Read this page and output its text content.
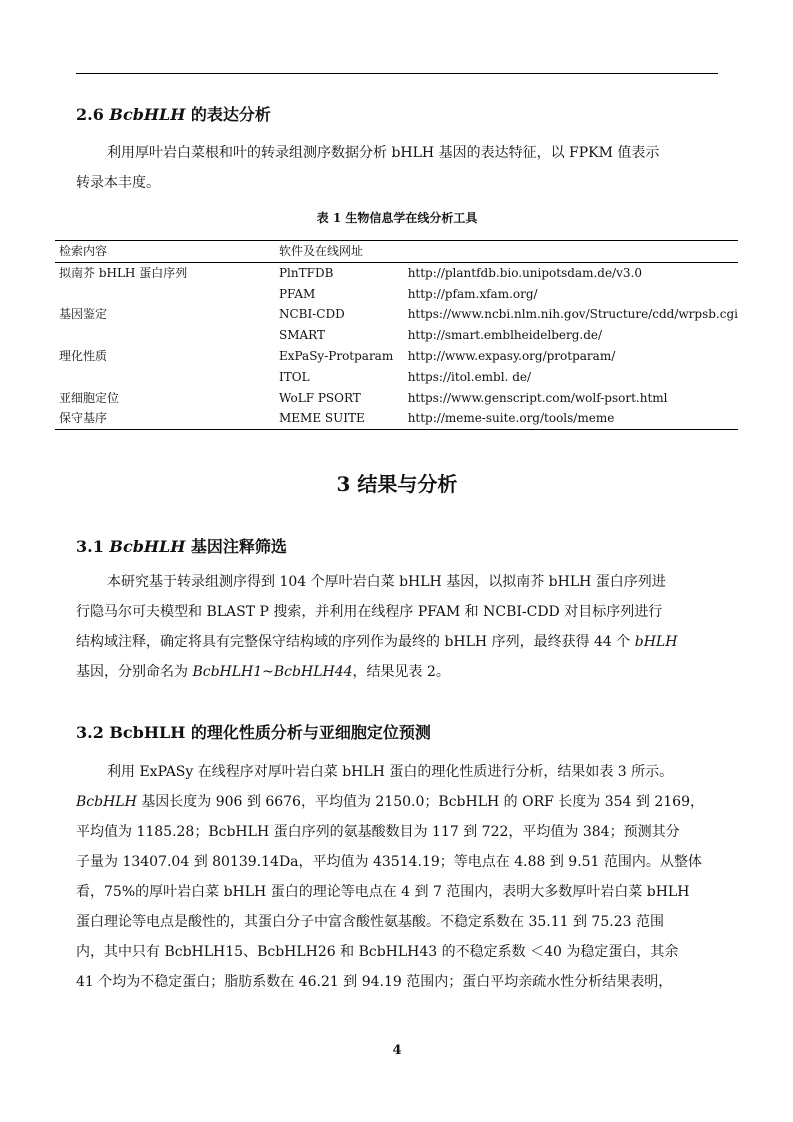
2.6 BcbHLH 的表达分析
利用厚叶岩白菜根和叶的转录组测序数据分析 bHLH 基因的表达特征，以 FPKM 值表示
转录本丰度。
表 1 生物信息学在线分析工具
检索内容	软件及在线网址	
拟南芥 bHLH 蛋白序列	PlnTFDB	http://plantfdb.bio.unipotsdam.de/v3.0
	PFAM	http://pfam.xfam.org/
基因鉴定	NCBI-CDD	https://www.ncbi.nlm.nih.gov/Structure/cdd/wrpsb.cgi
	SMART	http://smart.emblheidelberg.de/
理化性质	ExPaSy-Protparam	http://www.expasy.org/protparam/
	ITOL	https://itol.embl. de/
亚细胞定位	WoLF PSORT	https://www.genscript.com/wolf-psort.html
保守基序	MEME SUITE	http://meme-suite.org/tools/meme
3 结果与分析
3.1 BcbHLH 基因注释筛选
本研究基于转录组测序得到 104 个厚叶岩白菜 bHLH 基因，以拟南芥 bHLH 蛋白序列进
行隐马尔可夫模型和 BLAST P 搜索，并利用在线程序 PFAM 和 NCBI-CDD 对目标序列进行
结构域注释，确定将具有完整保守结构域的序列作为最终的 bHLH 序列，最终获得 44 个 bHLH
基因，分别命名为 BcbHLH1~BcbHLH44，结果见表 2。
3.2 BcbHLH 的理化性质分析与亚细胞定位预测
利用 ExPASy 在线程序对厚叶岩白菜 bHLH 蛋白的理化性质进行分析，结果如表 3 所示。
BcbHLH 基因长度为 906 到 6676，平均值为 2150.0；BcbHLH 的 ORF 长度为 354 到 2169，
平均值为 1185.28；BcbHLH 蛋白序列的氨基酸数目为 117 到 722，平均值为 384；预测其分
子量为 13407.04 到 80139.14Da，平均值为 43514.19；等电点在 4.88 到 9.51 范围内。从整体
看，75%的厚叶岩白菜 bHLH 蛋白的理论等电点在 4 到 7 范围内，表明大多数厚叶岩白菜 bHLH
蛋白理论等电点是酸性的，其蛋白分子中富含酸性氨基酸。不稳定系数在 35.11 到 75.23 范围
内，其中只有 BcbHLH15、BcbHLH26 和 BcbHLH43 的不稳定系数 ＜40 为稳定蛋白，其余
41 个均为不稳定蛋白；脂肪系数在 46.21 到 94.19 范围内；蛋白平均亲疏水性分析结果表明，
4
